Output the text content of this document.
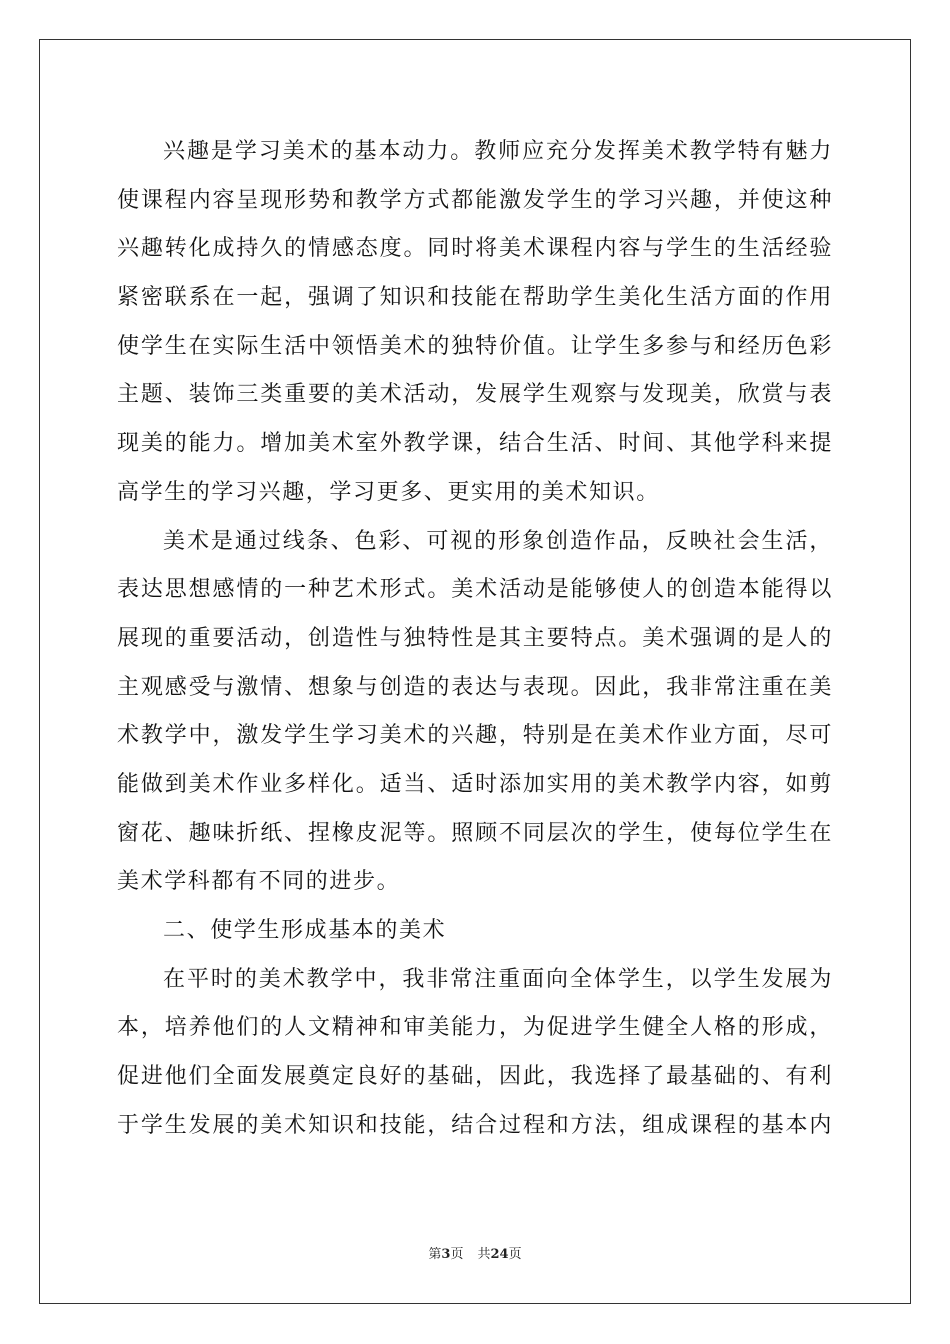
兴趣是学习美术的基本动力。教师应充分发挥美术教学特有魅力
使课程内容呈现形势和教学方式都能激发学生的学习兴趣，并使这种
兴趣转化成持久的情感态度。同时将美术课程内容与学生的生活经验
紧密联系在一起，强调了知识和技能在帮助学生美化生活方面的作用
使学生在实际生活中领悟美术的独特价值。让学生多参与和经历色彩
主题、装饰三类重要的美术活动，发展学生观察与发现美，欣赏与表
现美的能力。增加美术室外教学课，结合生活、时间、其他学科来提
高学生的学习兴趣，学习更多、更实用的美术知识。
美术是通过线条、色彩、可视的形象创造作品，反映社会生活，
表达思想感情的一种艺术形式。美术活动是能够使人的创造本能得以
展现的重要活动，创造性与独特性是其主要特点。美术强调的是人的
主观感受与激情、想象与创造的表达与表现。因此，我非常注重在美
术教学中，激发学生学习美术的兴趣，特别是在美术作业方面，尽可
能做到美术作业多样化。适当、适时添加实用的美术教学内容，如剪
窗花、趣味折纸、捏橡皮泥等。照顾不同层次的学生，使每位学生在
美术学科都有不同的进步。
二、使学生形成基本的美术
在平时的美术教学中，我非常注重面向全体学生，以学生发展为
本，培养他们的人文精神和审美能力，为促进学生健全人格的形成，
促进他们全面发展奠定良好的基础，因此，我选择了最基础的、有利
于学生发展的美术知识和技能，结合过程和方法，组成课程的基本内
第3页 共24页
